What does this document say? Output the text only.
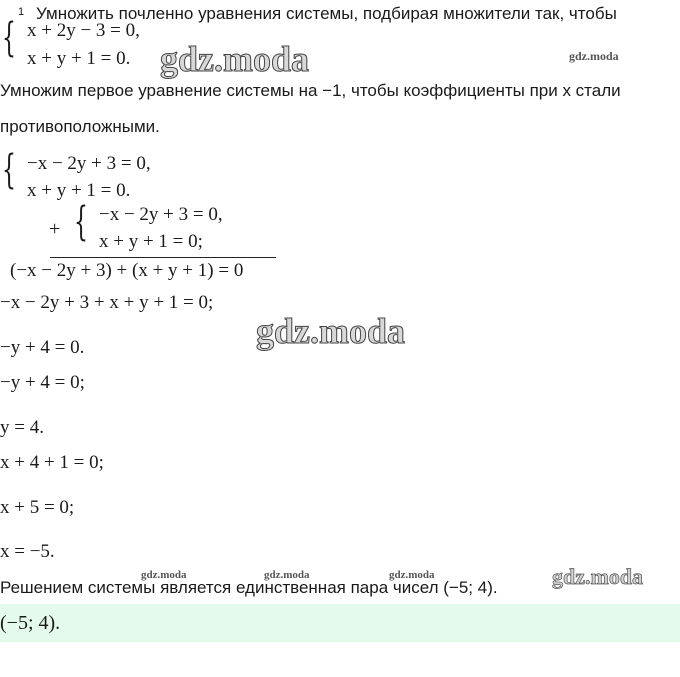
1 Умножить почленно уравнения системы, подбирая множители так, чтобы
{ x + 2y − 3 = 0,
x + y + 1 = 0.
Умножим первое уравнение системы на −1, чтобы коэффициенты при x стали
противоположными.
{ −x − 2y + 3 = 0,
x + y + 1 = 0.
+ { −x − 2y + 3 = 0,
x + y + 1 = 0;
(−x − 2y + 3) + (x + y + 1) = 0
−x − 2y + 3 + x + y + 1 = 0;
−y + 4 = 0.
−y + 4 = 0;
y = 4.
x + 4 + 1 = 0;
x + 5 = 0;
x = −5.
Решением системы является единственная пара чисел (−5; 4).
(−5; 4).
gdz.moda	gdz.moda
gdz.moda
gdz.moda	gdz.moda	gdz.moda	gdz.moda
